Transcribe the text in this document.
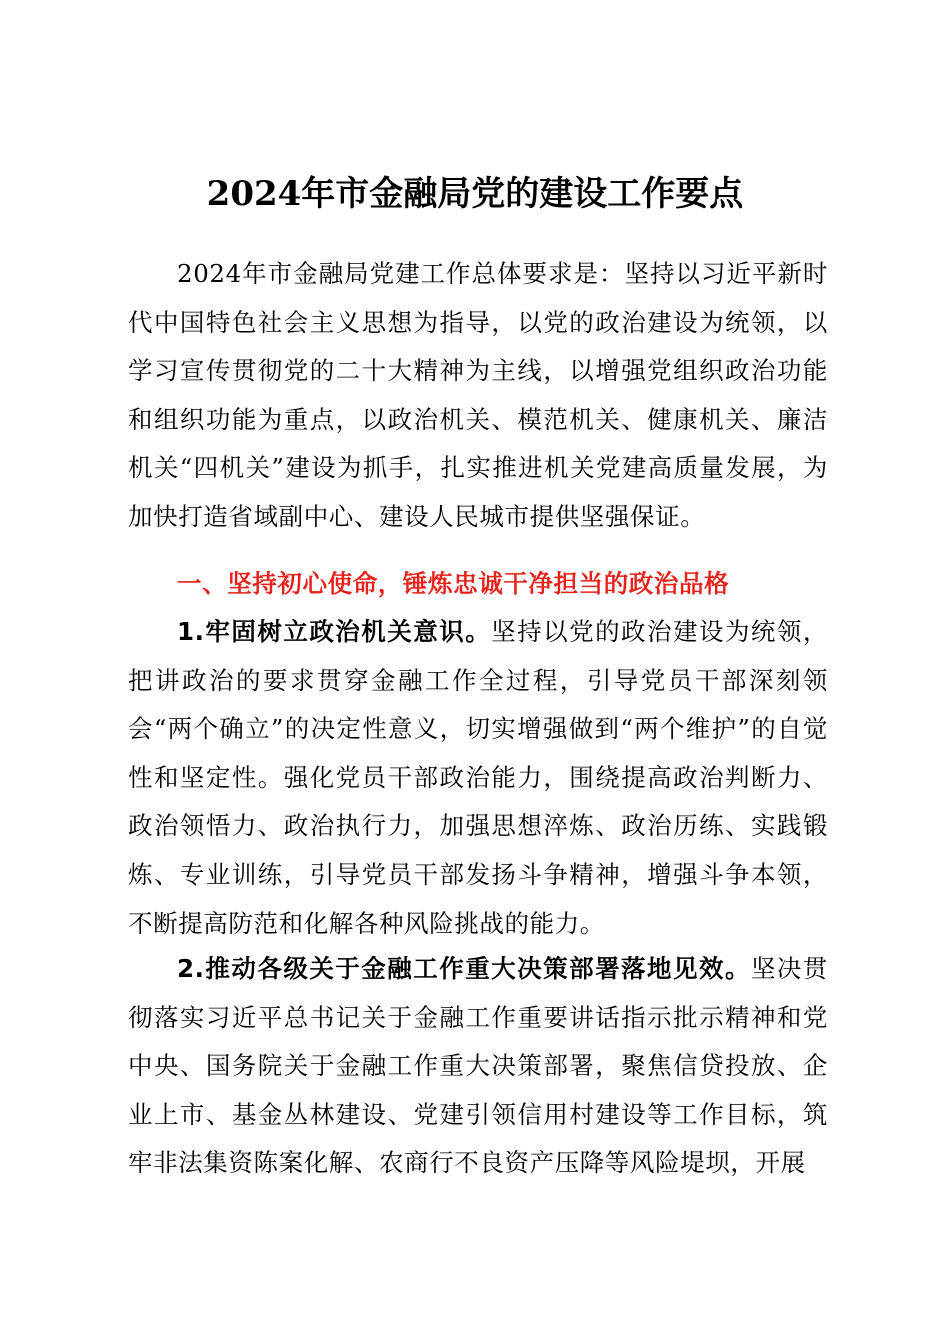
2024年市金融局党的建设工作要点

2024年市金融局党建工作总体要求是：坚持以习近平新时代中国特色社会主义思想为指导，以党的政治建设为统领，以学习宣传贯彻党的二十大精神为主线，以增强党组织政治功能和组织功能为重点，以政治机关、模范机关、健康机关、廉洁机关“四机关”建设为抓手，扎实推进机关党建高质量发展，为加快打造省域副中心、建设人民城市提供坚强保证。

一、坚持初心使命，锤炼忠诚干净担当的政治品格

1.牢固树立政治机关意识。坚持以党的政治建设为统领，把讲政治的要求贯穿金融工作全过程，引导党员干部深刻领会“两个确立”的决定性意义，切实增强做到“两个维护”的自觉性和坚定性。强化党员干部政治能力，围绕提高政治判断力、政治领悟力、政治执行力，加强思想淬炼、政治历练、实践锻炼、专业训练，引导党员干部发扬斗争精神，增强斗争本领，不断提高防范和化解各种风险挑战的能力。

2.推动各级关于金融工作重大决策部署落地见效。坚决贯彻落实习近平总书记关于金融工作重要讲话指示批示精神和党中央、国务院关于金融工作重大决策部署，聚焦信贷投放、企业上市、基金丛林建设、党建引领信用村建设等工作目标，筑牢非法集资陈案化解、农商行不良资产压降等风险堤坝，开展
